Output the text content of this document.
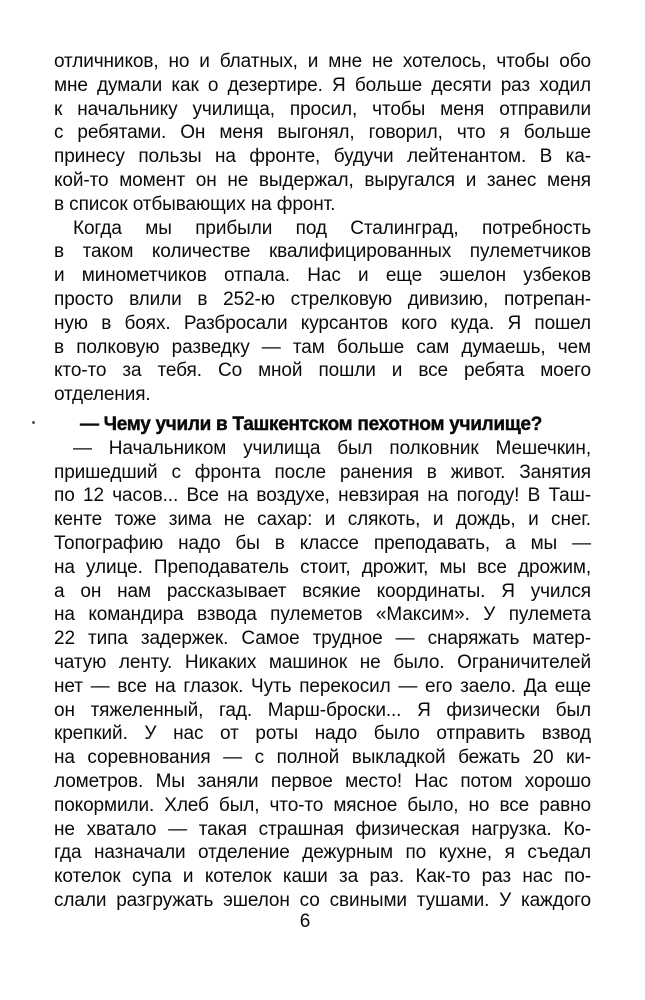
отличников, но и блатных, и мне не хотелось, чтобы обо
мне думали как о дезертире. Я больше десяти раз ходил
к начальнику училища, просил, чтобы меня отправили
с ребятами. Он меня выгонял, говорил, что я больше
принесу пользы на фронте, будучи лейтенантом. В ка-
кой-то момент он не выдержал, выругался и занес меня
в список отбывающих на фронт.
Когда мы прибыли под Сталинград, потребность
в таком количестве квалифицированных пулеметчиков
и минометчиков отпала. Нас и еще эшелон узбеков
просто влили в 252-ю стрелковую дивизию, потрепан-
ную в боях. Разбросали курсантов кого куда. Я пошел
в полковую разведку — там больше сам думаешь, чем
кто-то за тебя. Со мной пошли и все ребята моего
отделения.
— Чему учили в Ташкентском пехотном училище?
— Начальником училища был полковник Мешечкин,
пришедший с фронта после ранения в живот. Занятия
по 12 часов... Все на воздухе, невзирая на погоду! В Таш-
кенте тоже зима не сахар: и слякоть, и дождь, и снег.
Топографию надо бы в классе преподавать, а мы —
на улице. Преподаватель стоит, дрожит, мы все дрожим,
а он нам рассказывает всякие координаты. Я учился
на командира взвода пулеметов «Максим». У пулемета
22 типа задержек. Самое трудное — снаряжать матер-
чатую ленту. Никаких машинок не было. Ограничителей
нет — все на глазок. Чуть перекосил — его заело. Да еще
он тяжеленный, гад. Марш-броски... Я физически был
крепкий. У нас от роты надо было отправить взвод
на соревнования — с полной выкладкой бежать 20 ки-
лометров. Мы заняли первое место! Нас потом хорошо
покормили. Хлеб был, что-то мясное было, но все равно
не хватало — такая страшная физическая нагрузка. Ко-
гда назначали отделение дежурным по кухне, я съедал
котелок супа и котелок каши за раз. Как-то раз нас по-
слали разгружать эшелон со свиными тушами. У каждого
6
